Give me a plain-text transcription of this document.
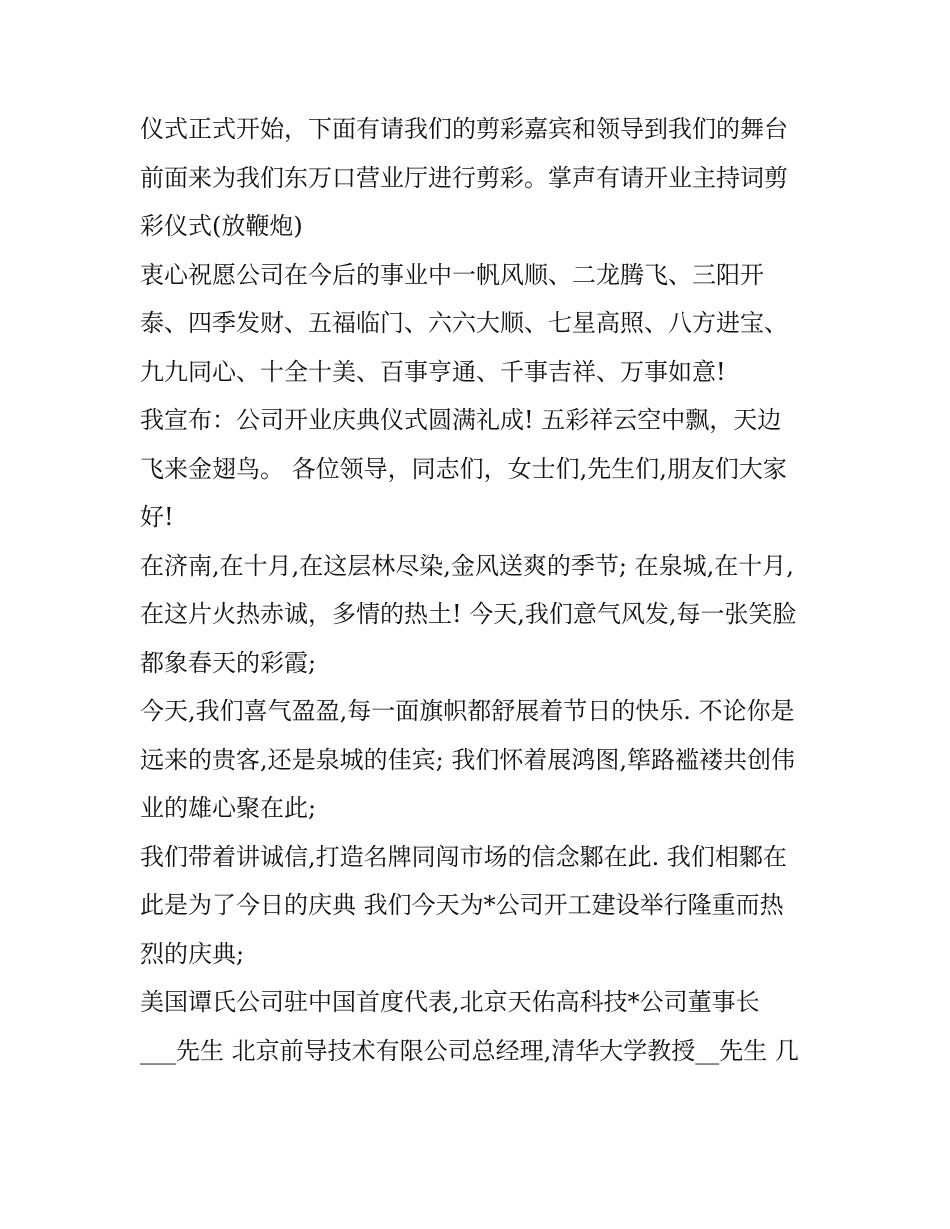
仪式正式开始，下面有请我们的剪彩嘉宾和领导到我们的舞台
前面来为我们东万口营业厅进行剪彩。掌声有请开业主持词剪
彩仪式(放鞭炮)
衷心祝愿公司在今后的事业中一帆风顺、二龙腾飞、三阳开
泰、四季发财、五福临门、六六大顺、七星高照、八方进宝、
九九同心、十全十美、百事亨通、千事吉祥、万事如意!
我宣布：公司开业庆典仪式圆满礼成! 五彩祥云空中飘，天边
飞来金翅鸟。 各位领导，同志们，女士们,先生们,朋友们大家
好!
在济南,在十月,在这层林尽染,金风送爽的季节; 在泉城,在十月,
在这片火热赤诚，多情的热土! 今天,我们意气风发,每一张笑脸
都象春天的彩霞;
今天,我们喜气盈盈,每一面旗帜都舒展着节日的快乐. 不论你是
远来的贵客,还是泉城的佳宾; 我们怀着展鸿图,筚路褴褛共创伟
业的雄心聚在此;
我们带着讲诚信,打造名牌同闯市场的信念鄹在此. 我们相鄹在
此是为了今日的庆典 我们今天为*公司开工建设举行隆重而热
烈的庆典;
美国谭氏公司驻中国首度代表,北京天佑高科技*公司董事长
___先生 北京前导技术有限公司总经理,清华大学教授__先生 几
